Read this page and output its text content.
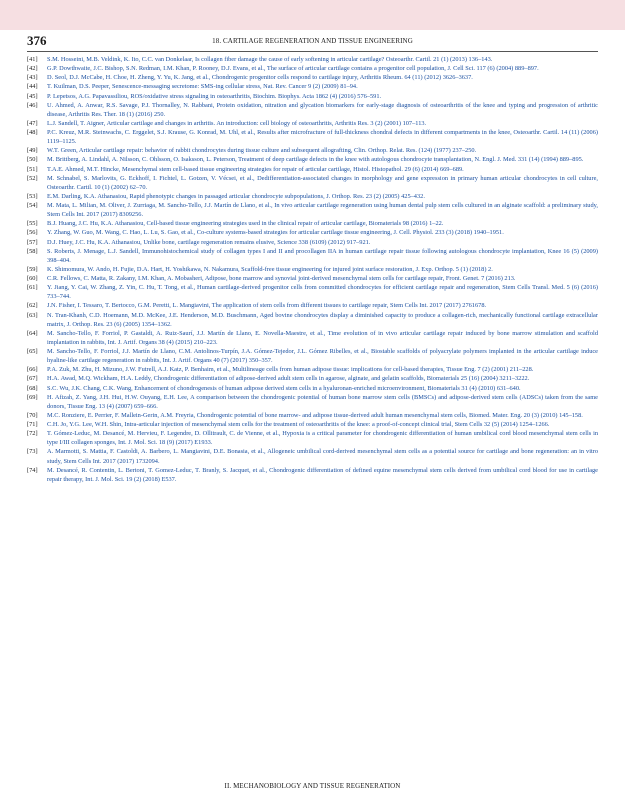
376	18. CARTILAGE REGENERATION AND TISSUE ENGINEERING
[41] S.M. Hosseini, M.B. Veldink, K. Ito, C.C. van Donkelaar, Is collagen fiber damage the cause of early softening in articular cartilage? Osteoarthr. Cartil. 21 (1) (2013) 136–143.
[42] G.P. Dowthwaite, J.C. Bishop, S.N. Redman, I.M. Khan, P. Rooney, D.J. Evans, et al., The surface of articular cartilage contains a progenitor cell population, J. Cell Sci. 117 (6) (2004) 889–897.
[43] D. Seol, D.J. McCabe, H. Choe, H. Zheng, Y. Yu, K. Jang, et al., Chondrogenic progenitor cells respond to cartilage injury, Arthritis Rheum. 64 (11) (2012) 3626–3637.
[44] T. Kuilman, D.S. Peeper, Senescence-messaging secretome: SMS-ing cellular stress, Nat. Rev. Cancer 9 (2) (2009) 81–94.
[45] P. Lepetsos, A.G. Papavassiliou, ROS/oxidative stress signaling in osteoarthritis, Biochim. Biophys. Acta 1862 (4) (2016) 576–591.
[46] U. Ahmed, A. Anwar, R.S. Savage, P.J. Thornalley, N. Rabbani, Protein oxidation, nitration and glycation biomarkers for early-stage diagnosis of osteoarthritis of the knee and typing and progression of arthritic disease, Arthritis Res. Ther. 18 (1) (2016) 250.
[47] L.J. Sandell, T. Aigner, Articular cartilage and changes in arthritis. An introduction: cell biology of osteoarthritis, Arthritis Res. 3 (2) (2001) 107–113.
[48] P.C. Kreuz, M.R. Steinwachs, C. Erggelet, S.J. Krause, G. Konrad, M. Uhl, et al., Results after microfracture of full-thickness chondral defects in different compartments in the knee, Osteoarthr. Cartil. 14 (11) (2006) 1119–1125.
[49] W.T. Green, Articular cartilage repair: behavior of rabbit chondrocytes during tissue culture and subsequent allografting, Clin. Orthop. Relat. Res. (124) (1977) 237–250.
[50] M. Brittberg, A. Lindahl, A. Nilsson, C. Ohlsson, O. Isaksson, L. Peterson, Treatment of deep cartilage defects in the knee with autologous chondrocyte transplantation, N. Engl. J. Med. 331 (14) (1994) 889–895.
[51] T.A.E. Ahmed, M.T. Hincke, Mesenchymal stem cell-based tissue engineering strategies for repair of articular cartilage, Histol. Histopathol. 29 (6) (2014) 669–689.
[52] M. Schnabel, S. Marlovits, G. Eckhoff, I. Fichtel, L. Gotzen, V. Vécsei, et al., Dedifferentiation-associated changes in morphology and gene expression in primary human articular chondrocytes in cell culture, Osteoarthr. Cartil. 10 (1) (2002) 62–70.
[53] E.M. Darling, K.A. Athanasiou, Rapid phenotypic changes in passaged articular chondrocyte subpopulations, J. Orthop. Res. 23 (2) (2005) 425–432.
[54] M. Mata, L. Milian, M. Oliver, J. Zurriaga, M. Sancho-Tello, J.J. Martín de Llano, et al., In vivo articular cartilage regeneration using human dental pulp stem cells cultured in an alginate scaffold: a preliminary study, Stem Cells Int. 2017 (2017) 8309256.
[55] B.J. Huang, J.C. Hu, K.A. Athanasiou, Cell-based tissue engineering strategies used in the clinical repair of articular cartilage, Biomaterials 98 (2016) 1–22.
[56] Y. Zhang, W. Guo, M. Wang, C. Hao, L. Lu, S. Gao, et al., Co-culture systems-based strategies for articular cartilage tissue engineering, J. Cell. Physiol. 233 (3) (2018) 1940–1951.
[57] D.J. Huey, J.C. Hu, K.A. Athanasiou, Unlike bone, cartilage regeneration remains elusive, Science 338 (6109) (2012) 917–921.
[58] S. Roberts, J. Menage, L.J. Sandell, Immunohistochemical study of collagen types I and II and procollagen IIA in human cartilage repair tissue following autologous chondrocyte implantation, Knee 16 (5) (2009) 398–404.
[59] K. Shimomura, W. Ando, H. Fujie, D.A. Hart, H. Yoshikawa, N. Nakamura, Scaffold-free tissue engineering for injured joint surface restoration, J. Exp. Orthop. 5 (1) (2018) 2.
[60] C.R. Fellows, C. Matta, R. Zakany, I.M. Khan, A. Mobasheri, Adipose, bone marrow and synovial joint-derived mesenchymal stem cells for cartilage repair, Front. Genet. 7 (2016) 213.
[61] Y. Jiang, Y. Cai, W. Zhang, Z. Yin, C. Hu, T. Tong, et al., Human cartilage-derived progenitor cells from committed chondrocytes for efficient cartilage repair and regeneration, Stem Cells Transl. Med. 5 (6) (2016) 733–744.
[62] J.N. Fisher, I. Tessaro, T. Bertocco, G.M. Peretti, L. Mangiavini, The application of stem cells from different tissues to cartilage repair, Stem Cells Int. 2017 (2017) 2761678.
[63] N. Tran-Khanh, C.D. Hoemann, M.D. McKee, J.E. Henderson, M.D. Buschmann, Aged bovine chondrocytes display a diminished capacity to produce a collagen-rich, mechanically functional cartilage extracellular matrix, J. Orthop. Res. 23 (6) (2005) 1354–1362.
[64] M. Sancho-Tello, F. Forriol, P. Gastaldi, A. Ruiz-Saurí, J.J. Martín de Llano, E. Novella-Maestre, et al., Time evolution of in vivo articular cartilage repair induced by bone marrow stimulation and scaffold implantation in rabbits, Int. J. Artif. Organs 38 (4) (2015) 210–223.
[65] M. Sancho-Tello, F. Forriol, J.J. Martín de Llano, C.M. Antolinos-Turpín, J.A. Gómez-Tejedor, J.L. Gómez Ribelles, et al., Biostable scaffolds of polyacrylate polymers implanted in the articular cartilage induce hyaline-like cartilage regeneration in rabbits, Int. J. Artif. Organs 40 (7) (2017) 350–357.
[66] P.A. Zuk, M. Zhu, H. Mizuno, J.W. Futrell, A.J. Katz, P. Benhaim, et al., Multilineage cells from human adipose tissue: implications for cell-based therapies, Tissue Eng. 7 (2) (2001) 211–228.
[67] H.A. Awad, M.Q. Wickham, H.A. Leddy, Chondrogenic differentiation of adipose-derived adult stem cells in agarose, alginate, and gelatin scaffolds, Biomaterials 25 (16) (2004) 3211–3222.
[68] S.C. Wu, J.K. Chang, C.K. Wang, Enhancement of chondrogenesis of human adipose derived stem cells in a hyaluronan-enriched microenvironment, Biomaterials 31 (4) (2010) 631–640.
[69] H. Afizah, Z. Yang, J.H. Hui, H.W. Ouyang, E.H. Lee, A comparison between the chondrogenic potential of human bone marrow stem cells (BMSCs) and adipose-derived stem cells (ADSCs) taken from the same donors, Tissue Eng. 13 (4) (2007) 659–666.
[70] M.C. Ronziere, E. Perrier, F. Mallein-Gerin, A.M. Freyria, Chondrogenic potential of bone marrow- and adipose tissue-derived adult human mesenchymal stem cells, Biomed. Mater. Eng. 20 (3) (2010) 145–158.
[71] C.H. Jo, Y.G. Lee, W.H. Shin, Intra-articular injection of mesenchymal stem cells for the treatment of osteoarthritis of the knee: a proof-of-concept clinical trial, Stem Cells 32 (5) (2014) 1254–1266.
[72] T. Gómez-Leduc, M. Desancé, M. Hervieu, F. Legendre, D. Ollitrault, C. de Vienne, et al., Hypoxia is a critical parameter for chondrogenic differentiation of human umbilical cord blood mesenchymal stem cells in type I/III collagen sponges, Int. J. Mol. Sci. 18 (9) (2017) E1933.
[73] A. Marmotti, S. Mattia, F. Castoldi, A. Barbero, L. Mangiavini, D.E. Bonasia, et al., Allogeneic umbilical cord-derived mesenchymal stem cells as a potential source for cartilage and bone regeneration: an in vitro study, Stem Cells Int. 2017 (2017) 1732094.
[74] M. Desancé, R. Contentin, L. Bertoni, T. Gomez-Leduc, T. Branly, S. Jacquet, et al., Chondrogenic differentiation of defined equine mesenchymal stem cells derived from umbilical cord blood for use in cartilage repair therapy, Int. J. Mol. Sci. 19 (2) (2018) E537.
II. MECHANOBIOLOGY AND TISSUE REGENERATION
